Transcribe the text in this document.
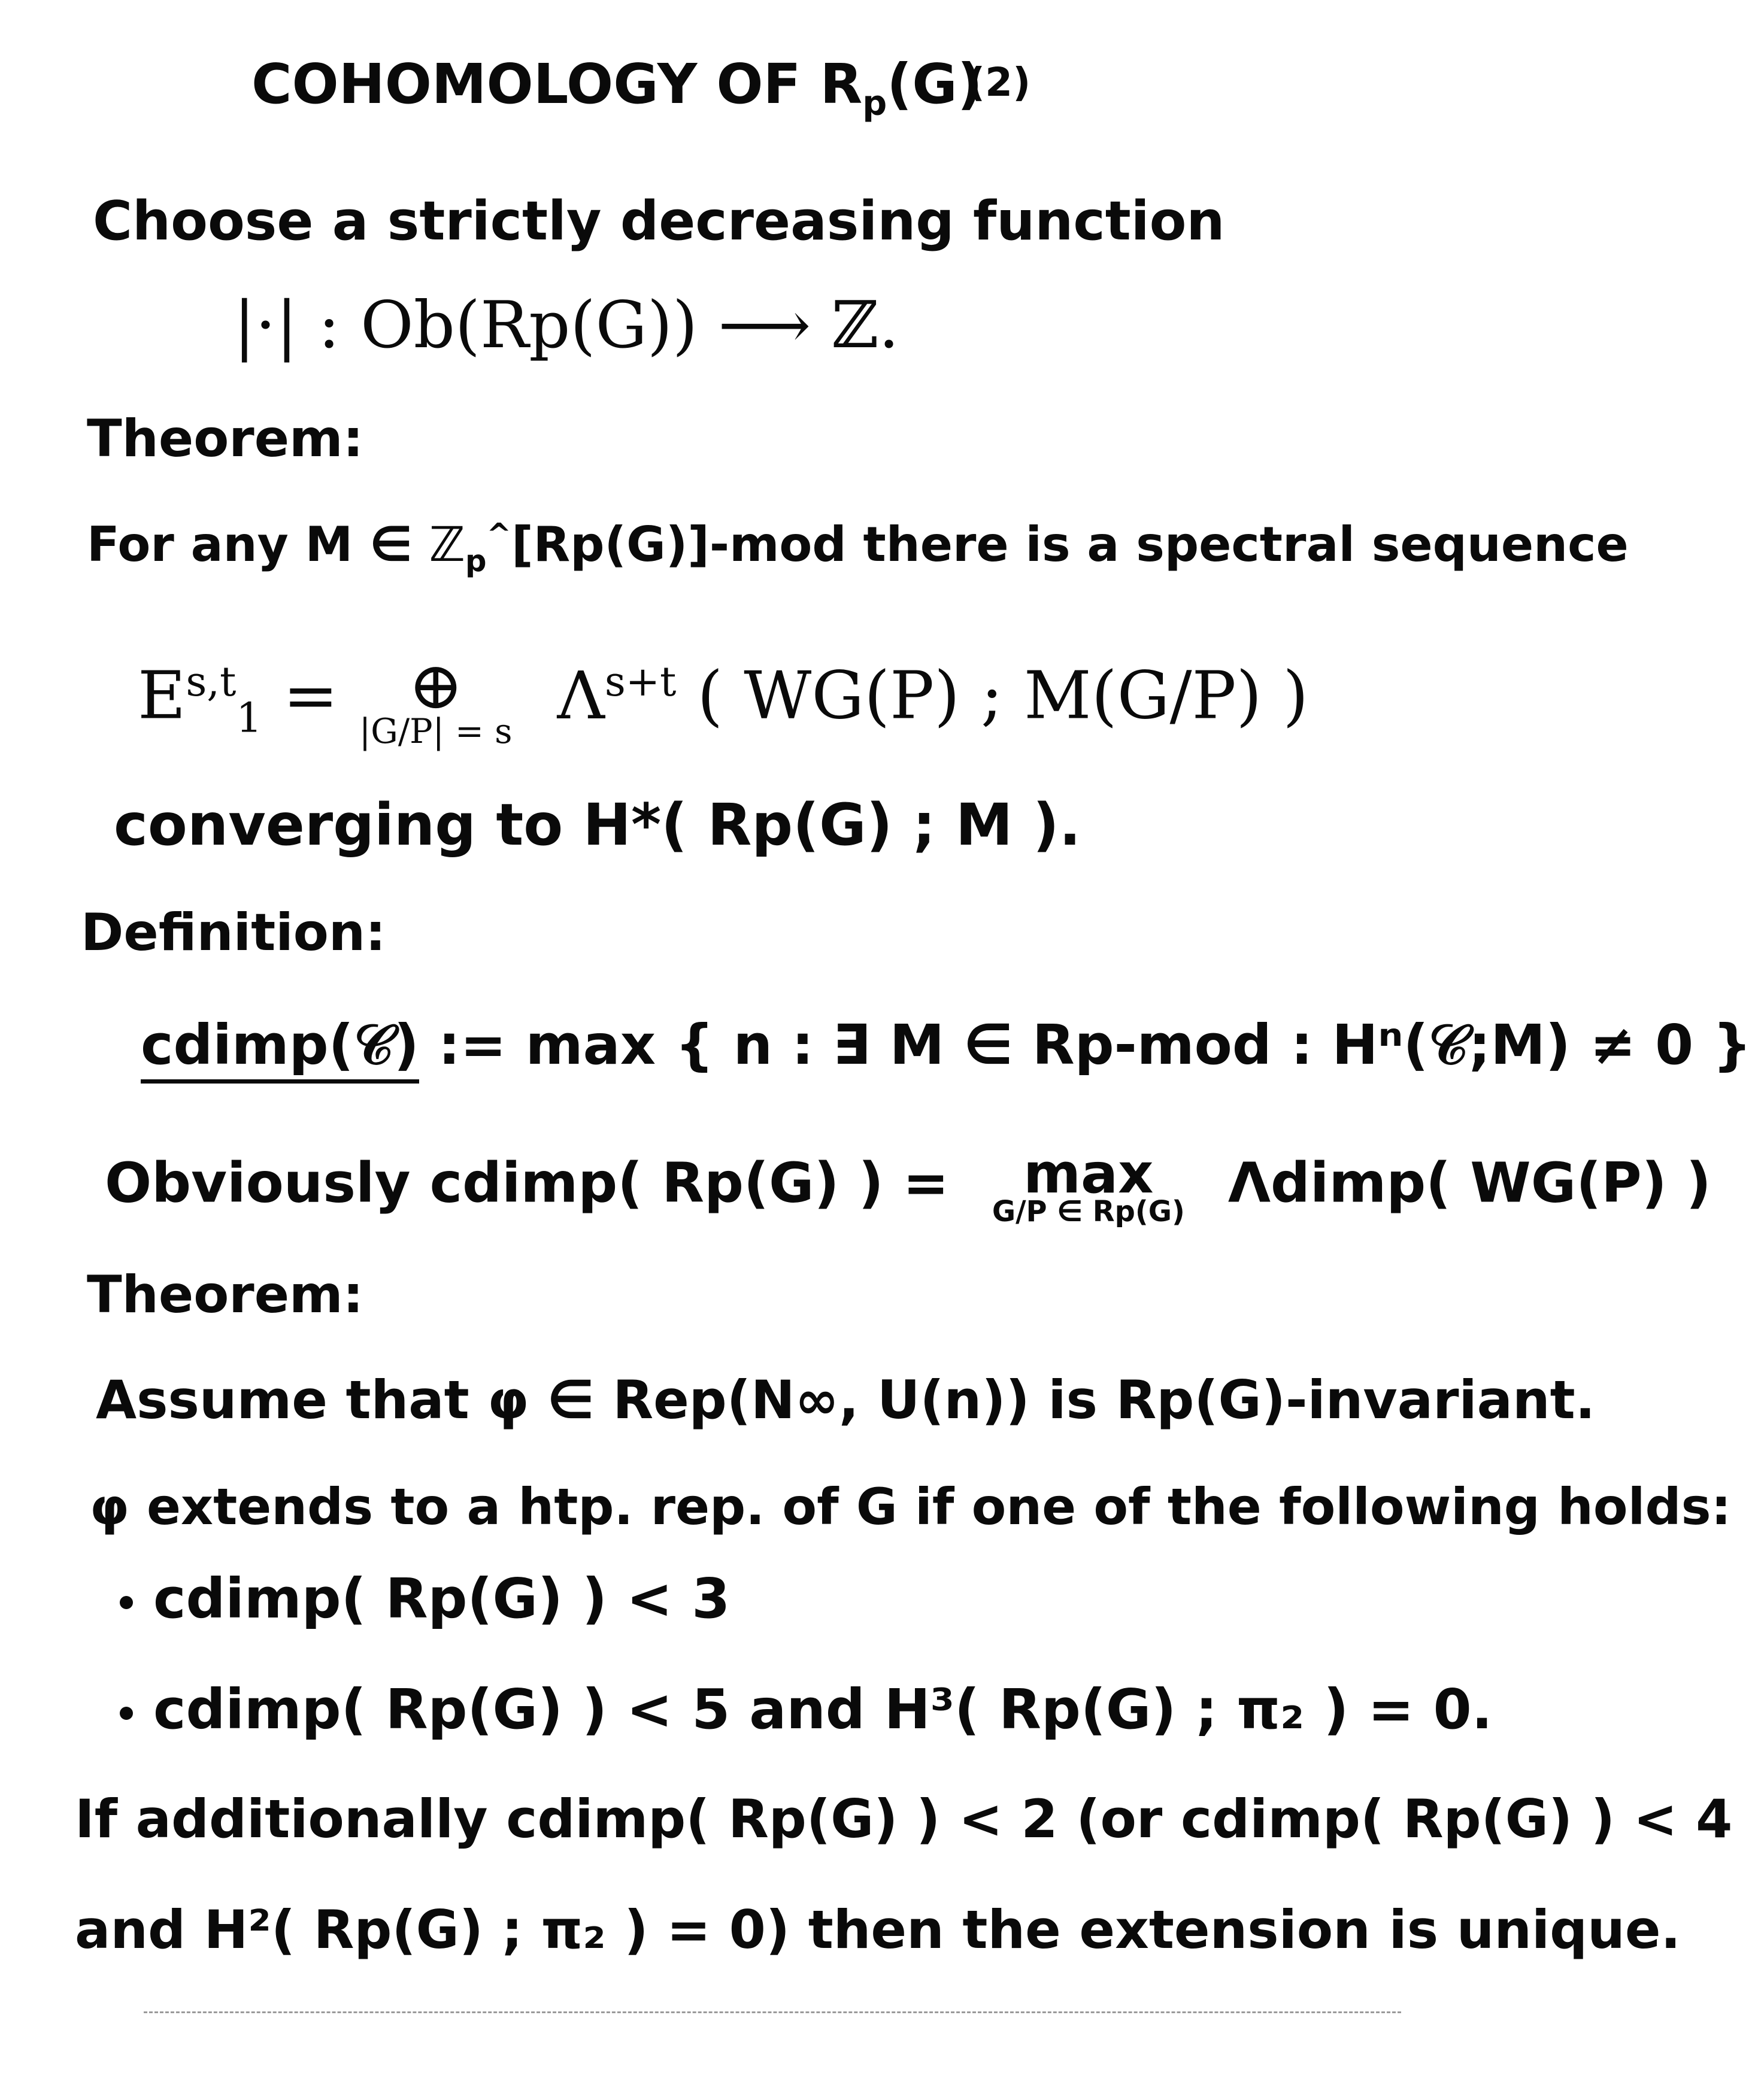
COHOMOLOGY OF $R_p(G)$
(2)
Choose a strictly decreasing function
|·| : Ob(Rp(G)) ⟶ ℤ.
Theorem:
For any M ∈ ℤ$_p$^[Rp(G)]-mod there is a spectral sequence
E$^{s,t}_1$ =	⊕
|G/P| = s $\Lambda^{s+t}$ ( WG(P) ; M(G/P) )
converging to H*( Rp(G) ; M ).
Definition:
cdimp(𝒞) := max { n : ∃ M ∈ Rp-mod : Hⁿ(𝒞;M) ≠ 0 }
Obviously cdimp( Rp(G) ) =	max
G/P ∈ Rp(G) Λdimp( WG(P) )
Theorem:
Assume that φ ∈ Rep(N∞, U(n)) is Rp(G)-invariant.
φ extends to a htp. rep. of G if one of the following holds:
cdimp( Rp(G) ) < 3
cdimp( Rp(G) ) < 5 and H³( Rp(G) ; π₂ ) = 0.
If additionally cdimp( Rp(G) ) < 2 (or cdimp( Rp(G) ) < 4
and H²( Rp(G) ; π₂ ) = 0) then the extension is unique.
